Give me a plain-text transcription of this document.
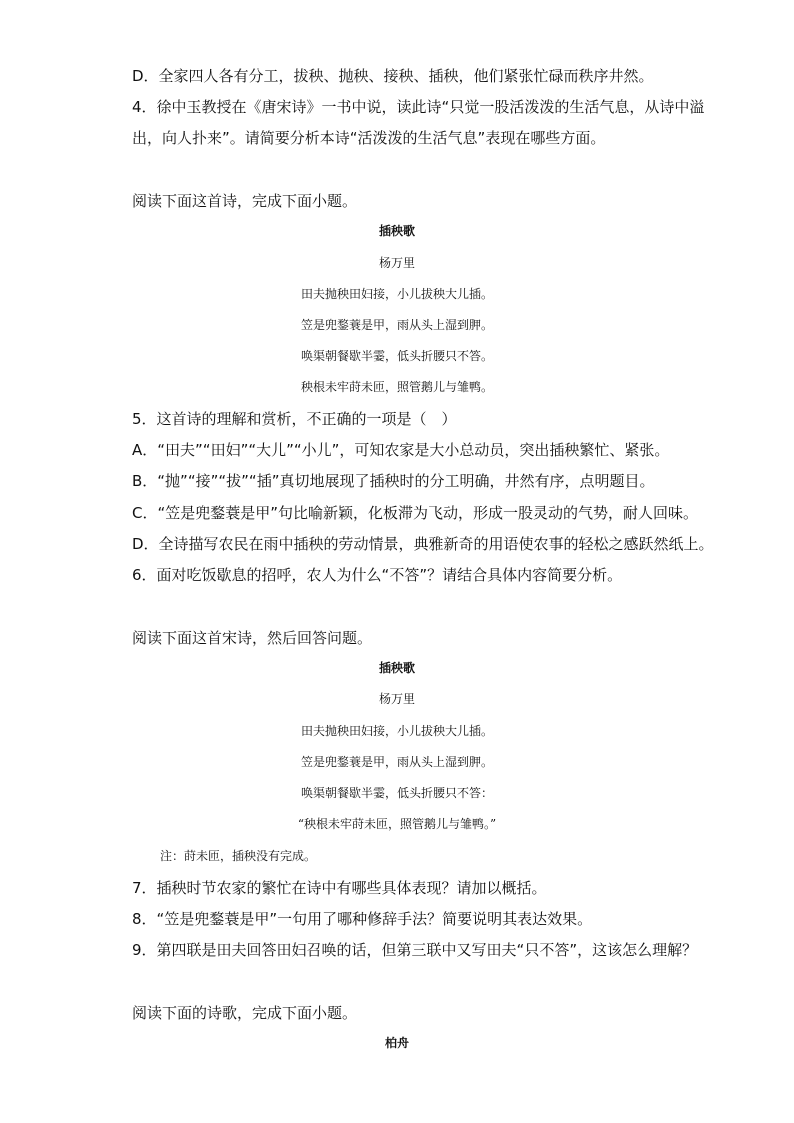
D．全家四人各有分工，拔秧、抛秧、接秧、插秧，他们紧张忙碌而秩序井然。
4．徐中玉教授在《唐宋诗》一书中说，读此诗“只觉一股活泼泼的生活气息，从诗中溢
出，向人扑来”。请简要分析本诗“活泼泼的生活气息”表现在哪些方面。
阅读下面这首诗，完成下面小题。
插秧歌
杨万里
田夫抛秧田妇接，小儿拔秧大儿插。
笠是兜鍪蓑是甲，雨从头上湿到胛。
唤渠朝餐歇半霎，低头折腰只不答。
秧根未牢莳未匝，照管鹅儿与雏鸭。
5．这首诗的理解和赏析，不正确的一项是（　）
A．“田夫”“田妇”“大儿”“小儿”，可知农家是大小总动员，突出插秧繁忙、紧张。
B．“抛”“接”“拔”“插”真切地展现了插秧时的分工明确，井然有序，点明题目。
C．“笠是兜鍪蓑是甲”句比喻新颖，化板滞为飞动，形成一股灵动的气势，耐人回味。
D．全诗描写农民在雨中插秧的劳动情景，典雅新奇的用语使农事的轻松之感跃然纸上。
6．面对吃饭歇息的招呼，农人为什么“不答”？请结合具体内容简要分析。
阅读下面这首宋诗，然后回答问题。
插秧歌
杨万里
田夫抛秧田妇接，小儿拔秧大儿插。
笠是兜鍪蓑是甲，雨从头上湿到胛。
唤渠朝餐歇半霎，低头折腰只不答：
“秧根未牢莳未匝，照管鹅儿与雏鸭。”
注：莳未匝，插秧没有完成。
7．插秧时节农家的繁忙在诗中有哪些具体表现？请加以概括。
8．“笠是兜鍪蓑是甲”一句用了哪种修辞手法？简要说明其表达效果。
9．第四联是田夫回答田妇召唤的话，但第三联中又写田夫“只不答”，这该怎么理解？
阅读下面的诗歌，完成下面小题。
柏舟
